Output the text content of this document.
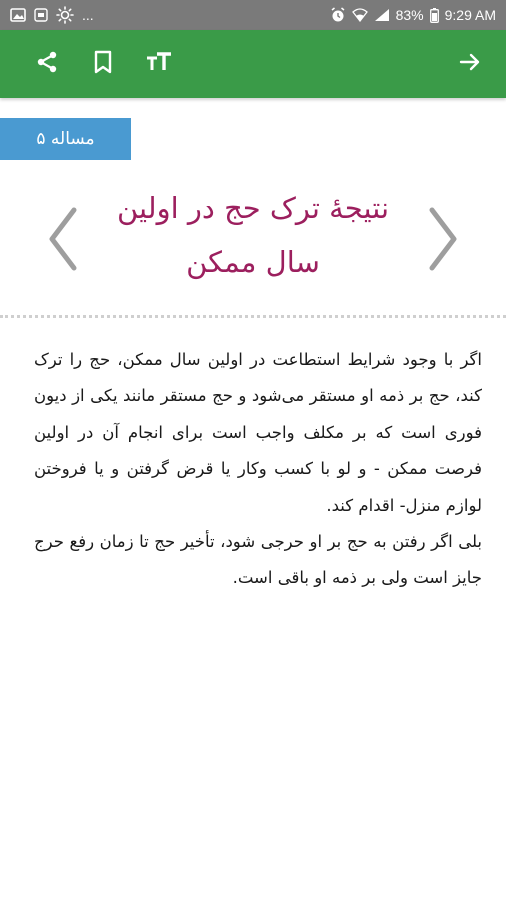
...	83% 9:29 AM
مساله ۵
نتیجهٔ ترک حج در اولین سال ممکن
اگر با وجود شرایط استطاعت در اولین سال ممکن، حج را ترک کند، حج بر ذمه او مستقر می‌شود و حج مستقر مانند یکی از دیون فوری است که بر مکلف واجب است برای انجام آن در اولین فرصت ممکن - و لو با کسب وکار یا قرض گرفتن و یا فروختن لوازم منزل- اقدام کند.
بلی اگر رفتن به حج بر او حرجی شود، تأخیر حج تا زمان رفع حرج جایز است ولی بر ذمه او باقی است.
